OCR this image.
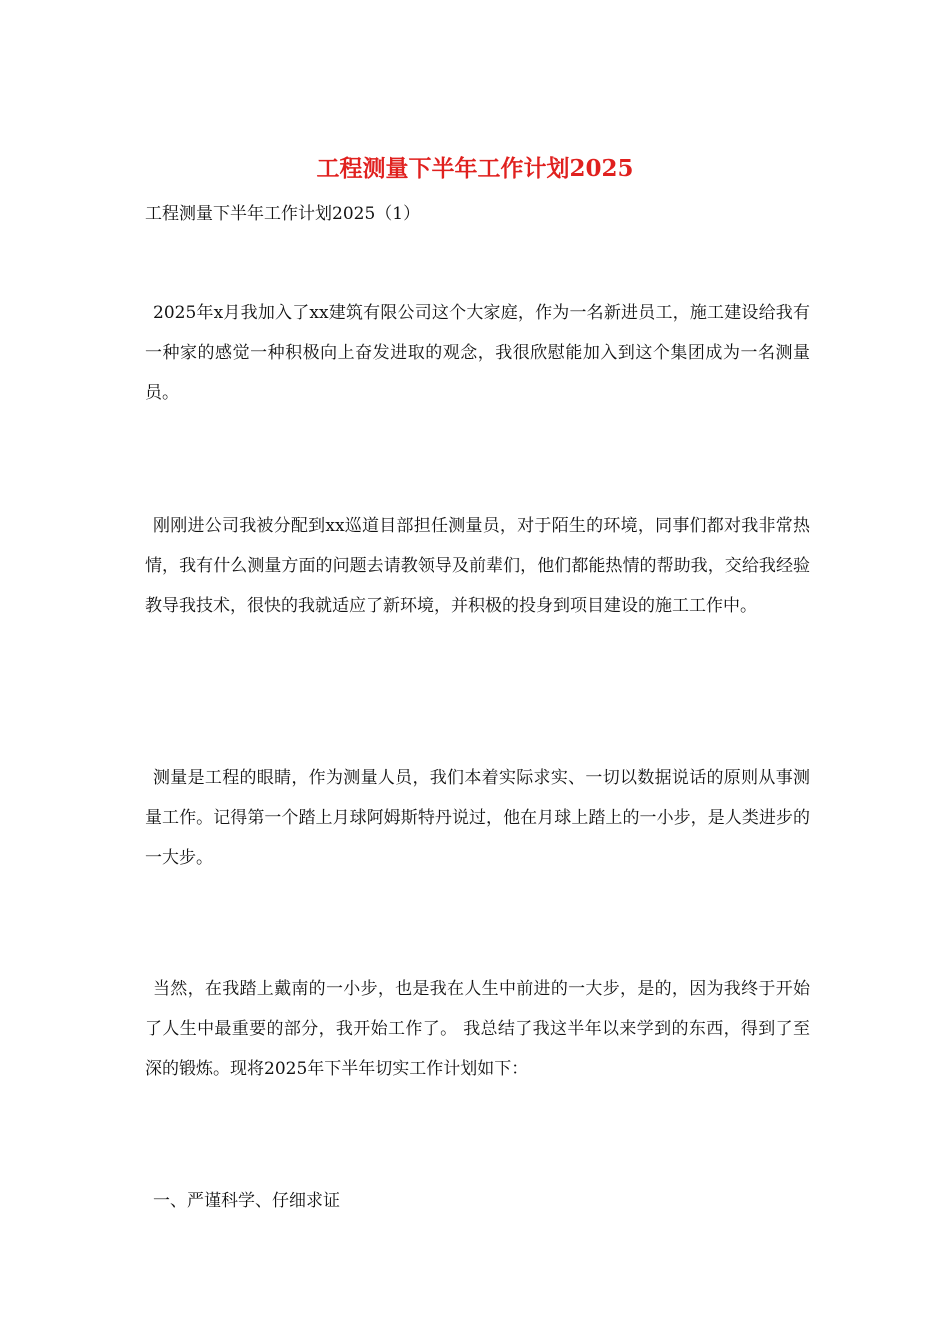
工程测量下半年工作计划2025
工程测量下半年工作计划2025（1）

2025年x月我加入了xx建筑有限公司这个大家庭，作为一名新进员工，施工建设给我有一种家的感觉一种积极向上奋发进取的观念，我很欣慰能加入到这个集团成为一名测量员。

刚刚进公司我被分配到xx巡道目部担任测量员，对于陌生的环境，同事们都对我非常热情，我有什么测量方面的问题去请教领导及前辈们，他们都能热情的帮助我，交给我经验教导我技术，很快的我就适应了新环境，并积极的投身到项目建设的施工工作中。

测量是工程的眼睛，作为测量人员，我们本着实际求实、一切以数据说话的原则从事测量工作。记得第一个踏上月球阿姆斯特丹说过，他在月球上踏上的一小步，是人类进步的一大步。

当然，在我踏上戴南的一小步，也是我在人生中前进的一大步，是的，因为我终于开始了人生中最重要的部分，我开始工作了。 我总结了我这半年以来学到的东西，得到了至深的锻炼。现将2025年下半年切实工作计划如下：

一、严谨科学、仔细求证
